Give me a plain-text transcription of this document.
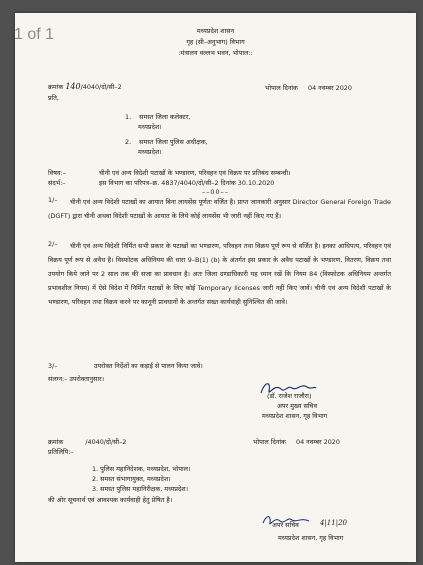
1 of 1	मध्यप्रदेश शासन
गृह (सी–अनुभाग) विभाग
:मंत्रालय वल्लभ भवन, भोपाल::
क्रमांक 140/4040/दो/सी–2	भोपाल दिनांक 04 नवम्बर 2020
प्रति,
1. समस्त जिला कलेक्टर,
मध्यप्रदेश।
2. समस्त जिला पुलिस अधीक्षक,
मध्यप्रदेश।
विषय:–	चीनी एवं अन्य विदेशी पटाखों के भण्डारण, परिवहन एवं विक्रय पर प्रतिबंध सम्बन्धी।
संदर्भ:–	इस विभाग का परिपत्र–क्र. 4837/4040/दो/सी–2 दिनांक 30.10.2020
––00––
1/–	चीनी एवं अन्य विदेशी पटाखों का आयात बिना लायसेंस पूर्णतः वर्जित है। प्राप्त जानकारी अनुसार Director General Foreign Trade (DGFT) द्वारा चीनी अथवा विदेशी पटाखों के आयात के लिये कोई लायसेंस भी जारी नहीं किए गए हैं।
2/–	चीनी एवं अन्य विदेशी निर्मित सभी प्रकार के पटाखों का भण्डारण, परिवहन तथा विक्रय पूर्ण रूप से वर्जित है। इनका आधिपत्य, परिवहन एवं विक्रय पूर्ण रूप से अवैध है। विस्फोटक अधिनियम की धारा 9–B(1) (b) के अंतर्गत इस प्रकार के अवैध पटाखों के भण्डारण, वितरण, विक्रय तथा उपयोग किये जाने पर 2 साल तक की सजा का प्रावधान है। अतः जिला दण्डाधिकारी यह ध्यान रखें कि नियम 84 (विस्फोटक अधिनियम अन्तर्गत प्रभावशील नियम) में ऐसे विदेश में निर्मित पटाखों के लिए कोई Temporary licenses जारी नहीं किए जावें। चीनी एवं अन्य विदेशी पटाखों के भण्डारण, परिवहन तथा विक्रय करने पर कानूनी प्रावधानों के अन्तर्गत सख्त कार्यवाही सुनिश्चित की जावे।
3/–	उपरोक्त निर्देशों का कड़ाई से पालन किया जावे।
संलग्न:– उपरोक्तानुसार।
(डॉ. राजेश राजौरा)
अपर मुख्य सचिव
मध्यप्रदेश शासन, गृह विभाग
क्रमांक	/4040/दो/सी–2	भोपाल दिनांक 04 नवम्बर 2020
प्रतिलिपि:–
1. पुलिस महानिदेशक, मध्यप्रदेश, भोपाल।
2. समस्त संभागायुक्त, मध्यप्रदेश।
3. समस्त पुलिस महानिरीक्षक, मध्यप्रदेश।
की ओर सूचनार्थ एवं आवश्यक कार्यवाही हेतु प्रेषित है।
अपर सचिव	4|11|20
मध्यप्रदेश शासन, गृह विभाग
